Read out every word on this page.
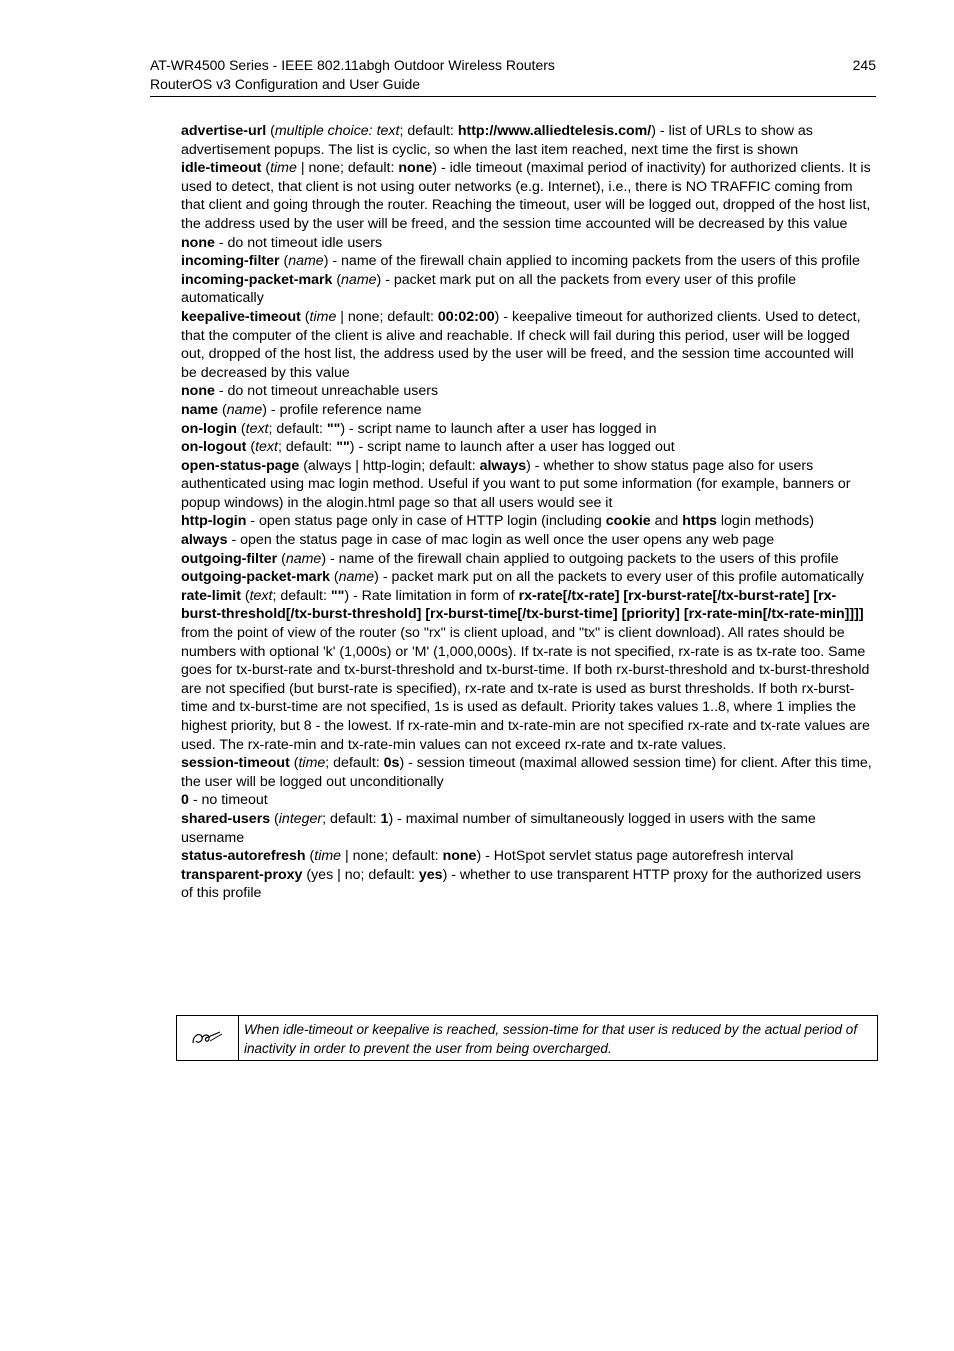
AT-WR4500 Series - IEEE 802.11abgh Outdoor Wireless Routers	245
RouterOS v3 Configuration and User Guide

advertise-url (multiple choice: text; default: http://www.alliedtelesis.com/) - list of URLs to show as advertisement popups. The list is cyclic, so when the last item reached, next time the first is shown

idle-timeout (time | none; default: none) - idle timeout (maximal period of inactivity) for authorized clients. It is used to detect, that client is not using outer networks (e.g. Internet), i.e., there is NO TRAFFIC coming from that client and going through the router. Reaching the timeout, user will be logged out, dropped of the host list, the address used by the user will be freed, and the session time accounted will be decreased by this value

none - do not timeout idle users

incoming-filter (name) - name of the firewall chain applied to incoming packets from the users of this profile

incoming-packet-mark (name) - packet mark put on all the packets from every user of this profile automatically

keepalive-timeout (time | none; default: 00:02:00) - keepalive timeout for authorized clients. Used to detect, that the computer of the client is alive and reachable. If check will fail during this period, user will be logged out, dropped of the host list, the address used by the user will be freed, and the session time accounted will be decreased by this value

none - do not timeout unreachable users

name (name) - profile reference name

on-login (text; default: "") - script name to launch after a user has logged in

on-logout (text; default: "") - script name to launch after a user has logged out

open-status-page (always | http-login; default: always) - whether to show status page also for users authenticated using mac login method. Useful if you want to put some information (for example, banners or popup windows) in the alogin.html page so that all users would see it

http-login - open status page only in case of HTTP login (including cookie and https login methods)

always - open the status page in case of mac login as well once the user opens any web page

outgoing-filter (name) - name of the firewall chain applied to outgoing packets to the users of this profile

outgoing-packet-mark (name) - packet mark put on all the packets to every user of this profile automatically

rate-limit (text; default: "") - Rate limitation in form of rx-rate[/tx-rate] [rx-burst-rate[/tx-burst-rate] [rx-burst-threshold[/tx-burst-threshold] [rx-burst-time[/tx-burst-time] [priority] [rx-rate-min[/tx-rate-min]]]] from the point of view of the router (so "rx" is client upload, and "tx" is client download). All rates should be numbers with optional 'k' (1,000s) or 'M' (1,000,000s). If tx-rate is not specified, rx-rate is as tx-rate too. Same goes for tx-burst-rate and tx-burst-threshold and tx-burst-time. If both rx-burst-threshold and tx-burst-threshold are not specified (but burst-rate is specified), rx-rate and tx-rate is used as burst thresholds. If both rx-burst-time and tx-burst-time are not specified, 1s is used as default. Priority takes values 1..8, where 1 implies the highest priority, but 8 - the lowest. If rx-rate-min and tx-rate-min are not specified rx-rate and tx-rate values are used. The rx-rate-min and tx-rate-min values can not exceed rx-rate and tx-rate values.

session-timeout (time; default: 0s) - session timeout (maximal allowed session time) for client. After this time, the user will be logged out unconditionally

0 - no timeout

shared-users (integer; default: 1) - maximal number of simultaneously logged in users with the same username

status-autorefresh (time | none; default: none) - HotSpot servlet status page autorefresh interval

transparent-proxy (yes | no; default: yes) - whether to use transparent HTTP proxy for the authorized users of this profile

When idle-timeout or keepalive is reached, session-time for that user is reduced by the actual period of inactivity in order to prevent the user from being overcharged.
